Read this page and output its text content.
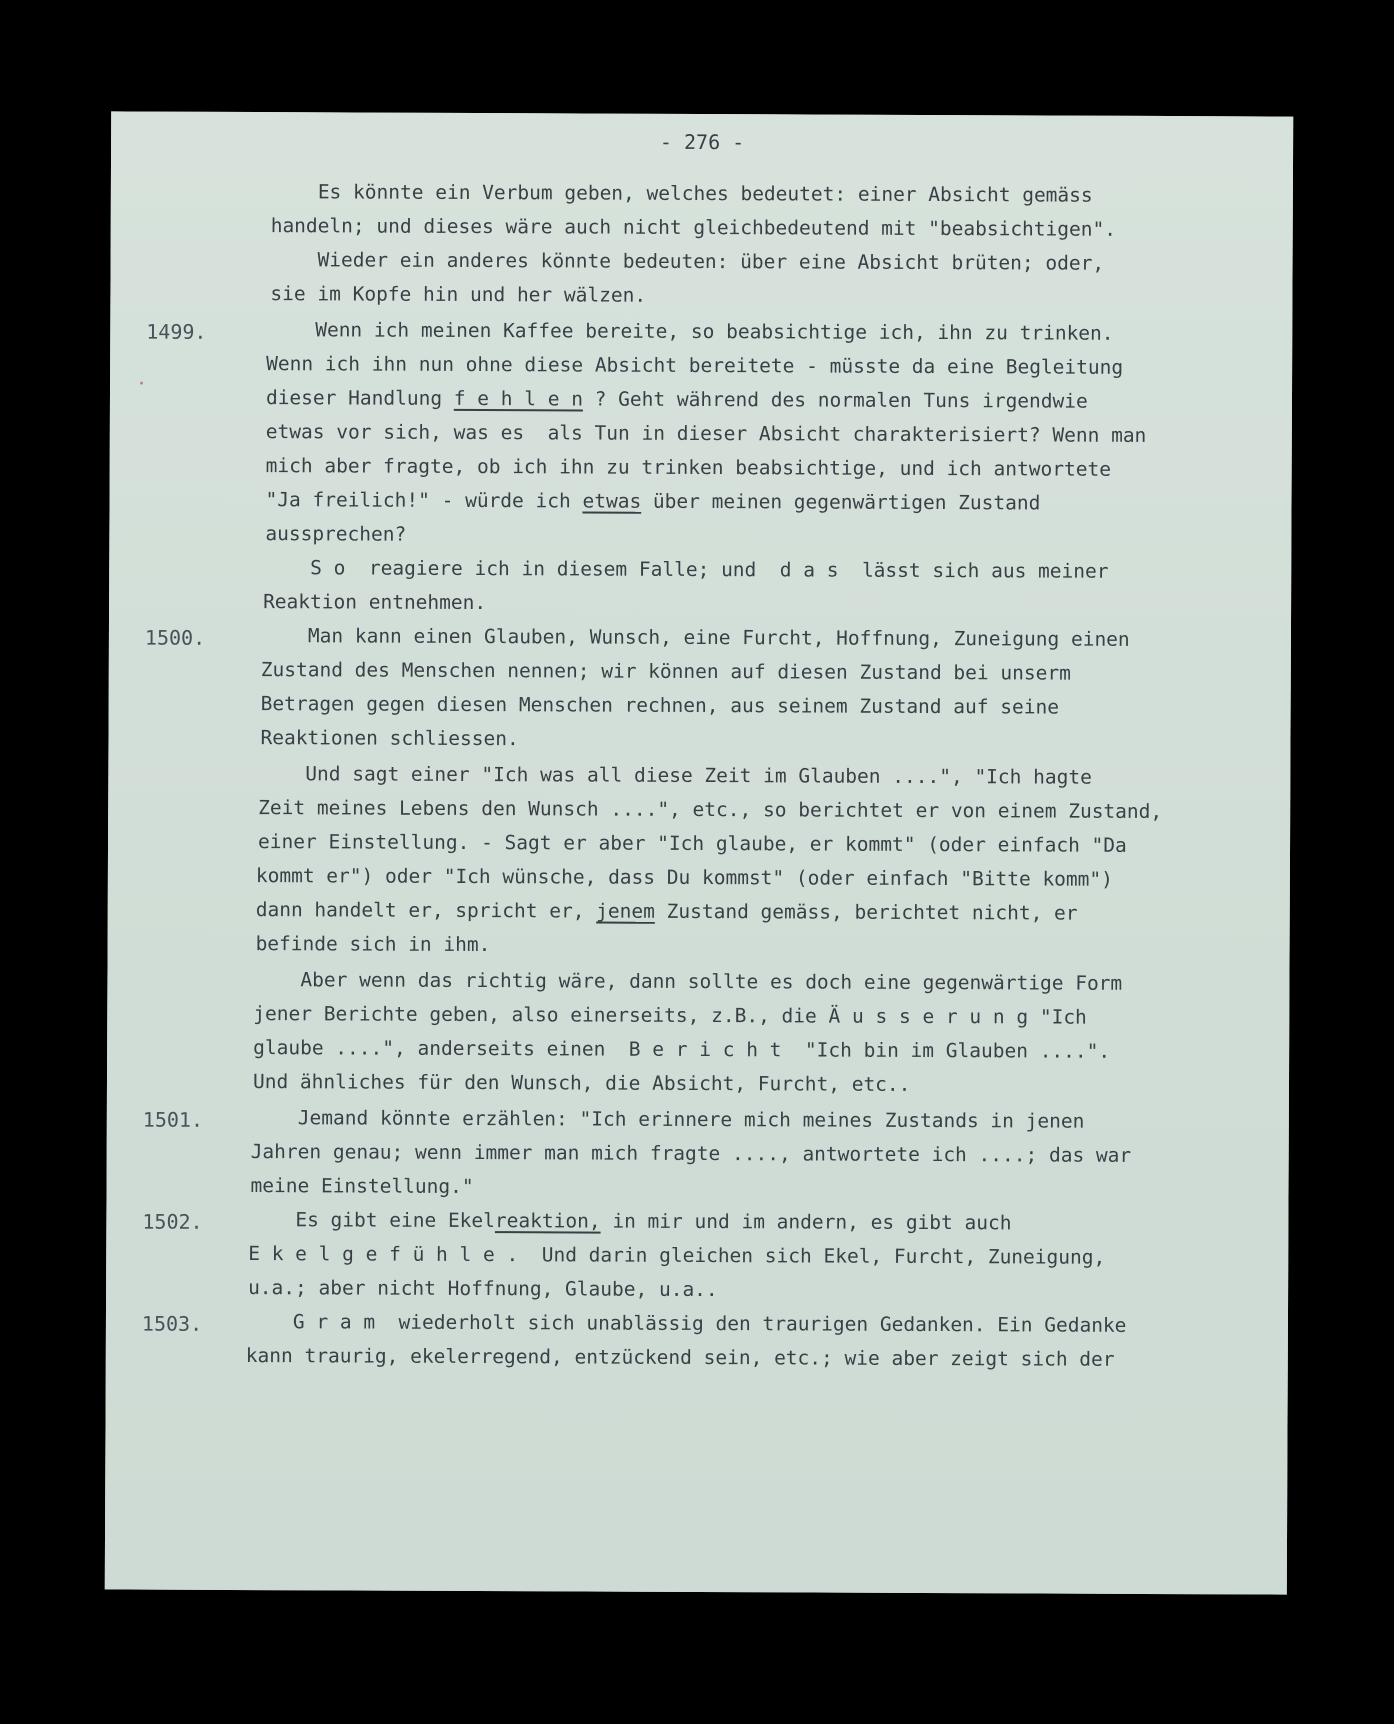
- 276 -
1499.
1500.
1501.
1502.
1503.
Es könnte ein Verbum geben, welches bedeutet: einer Absicht gemäss
handeln; und dieses wäre auch nicht gleichbedeutend mit "beabsichtigen".
Wieder ein anderes könnte bedeuten: über eine Absicht brüten; oder,
sie im Kopfe hin und her wälzen.
Wenn ich meinen Kaffee bereite, so beabsichtige ich, ihn zu trinken.
Wenn ich ihn nun ohne diese Absicht bereitete - müsste da eine Begleitung
dieser Handlung f e h l e n ? Geht während des normalen Tuns irgendwie
etwas vor sich, was es  als Tun in dieser Absicht charakterisiert? Wenn man
mich aber fragte, ob ich ihn zu trinken beabsichtige, und ich antwortete
"Ja freilich!" - würde ich etwas über meinen gegenwärtigen Zustand
aussprechen?
S o  reagiere ich in diesem Falle; und  d a s  lässt sich aus meiner
Reaktion entnehmen.
Man kann einen Glauben, Wunsch, eine Furcht, Hoffnung, Zuneigung einen
Zustand des Menschen nennen; wir können auf diesen Zustand bei unserm
Betragen gegen diesen Menschen rechnen, aus seinem Zustand auf seine
Reaktionen schliessen.
Und sagt einer "Ich was all diese Zeit im Glauben ....", "Ich hagte
Zeit meines Lebens den Wunsch ....", etc., so berichtet er von einem Zustand,
einer Einstellung. - Sagt er aber "Ich glaube, er kommt" (oder einfach "Da
kommt er") oder "Ich wünsche, dass Du kommst" (oder einfach "Bitte komm")
dann handelt er, spricht er, jenem Zustand gemäss, berichtet nicht, er
befinde sich in ihm.
Aber wenn das richtig wäre, dann sollte es doch eine gegenwärtige Form
jener Berichte geben, also einerseits, z.B., die Ä u s s e r u n g "Ich
glaube ....", anderseits einen  B e r i c h t  "Ich bin im Glauben ....".
Und ähnliches für den Wunsch, die Absicht, Furcht, etc..
Jemand könnte erzählen: "Ich erinnere mich meines Zustands in jenen
Jahren genau; wenn immer man mich fragte ...., antwortete ich ....; das war
meine Einstellung."
Es gibt eine Ekelreaktion, in mir und im andern, es gibt auch
E k e l g e f ü h l e .  Und darin gleichen sich Ekel, Furcht, Zuneigung,
u.a.; aber nicht Hoffnung, Glaube, u.a..
G r a m  wiederholt sich unablässig den traurigen Gedanken. Ein Gedanke
kann traurig, ekelerregend, entzückend sein, etc.; wie aber zeigt sich der
